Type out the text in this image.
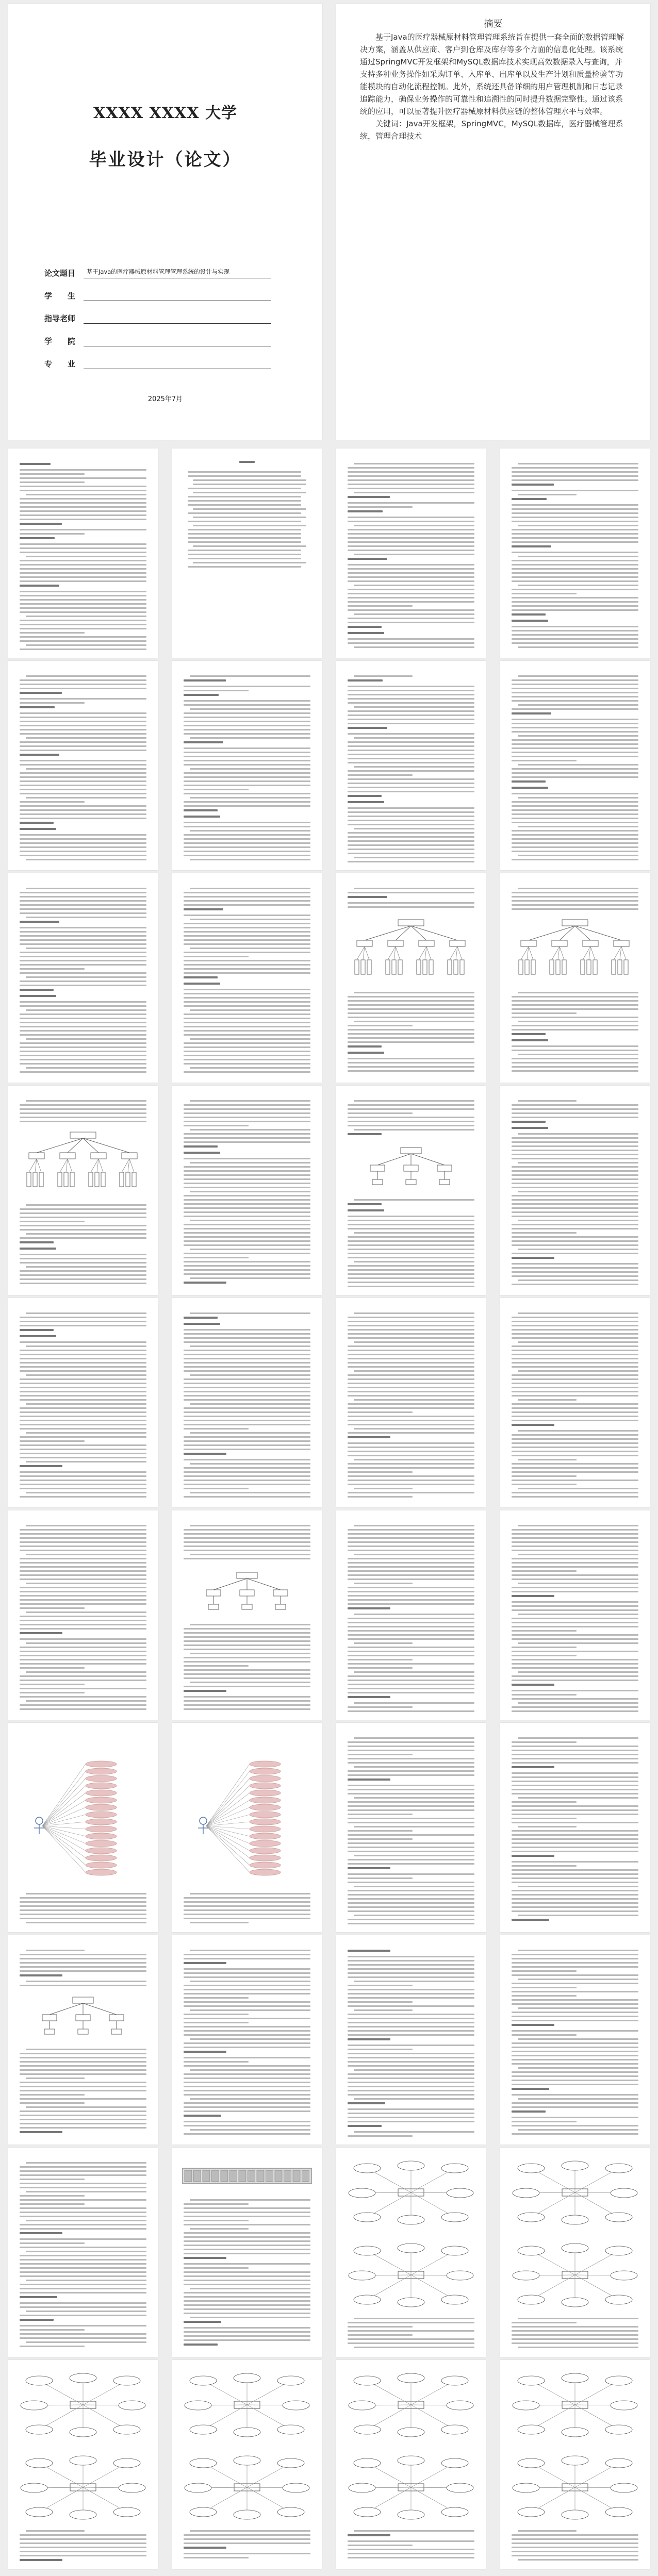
XXXX XXXX 大学
毕业设计（论文）
论文题目	基于Java的医疗器械原材料管理管理系统的设计与实现
学　　生
指导老师
学　　院
专　　业
2025年7月
摘要

基于Java的医疗器械原材料管理管理系统旨在提供一套全面的数据管理解决方案，涵盖从供应商、客户到仓库及库存等多个方面的信息化处理。该系统通过SpringMVC开发框架和MySQL数据库技术实现高效数据录入与查询，并支持多种业务操作如采购订单、入库单、出库单以及生产计划和质量检验等功能模块的自动化流程控制。此外，系统还具备详细的用户管理机制和日志记录追踪能力，确保业务操作的可靠性和追溯性的同时提升数据完整性。通过该系统的应用，可以显著提升医疗器械原材料供应链的整体管理水平与效率。

关键词：Java开发框架，SpringMVC，MySQL数据库，医疗器械管理系统，管理合理技术
